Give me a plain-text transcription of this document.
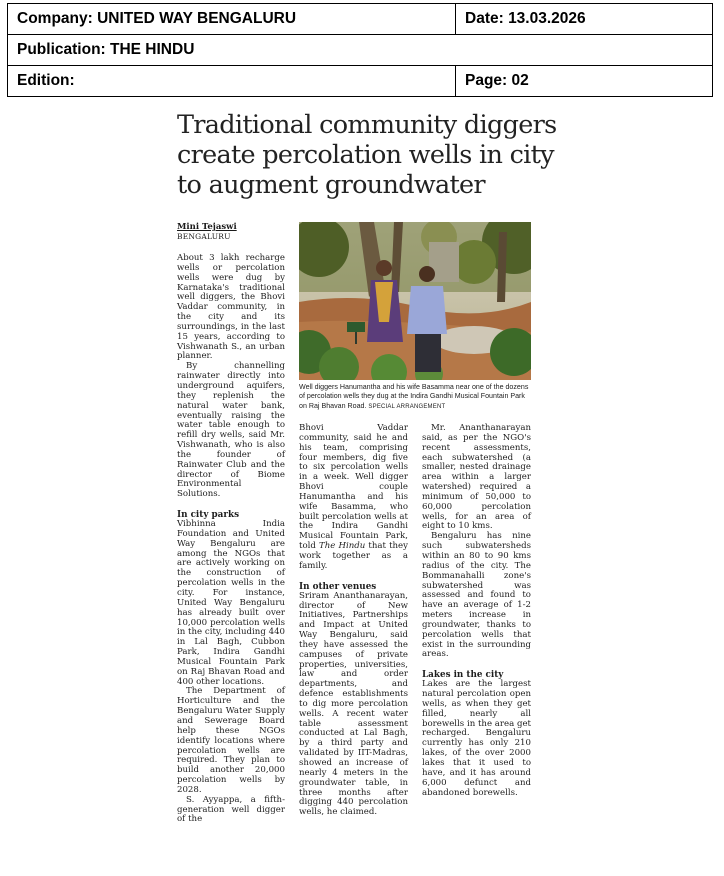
Company: UNITED WAY BENGALURU	Date: 13.03.2026
Publication: THE HINDU
Edition:	Page: 02
Traditional community diggers
create percolation wells in city
to augment groundwater
Mini Tejaswi
BENGALURU

About 3 lakh recharge wells or percolation wells were dug by Karnataka's traditional well diggers, the Bhovi Vaddar community, in the city and its surroundings, in the last 15 years, according to Vishwanath S., an urban planner.

By channelling rainwater directly into underground aquifers, they replenish the natural water bank, eventually raising the water table enough to refill dry wells, said Mr. Vishwanath, who is also the founder of Rainwater Club and the director of Biome Environmental Solutions.

In city parks

Vibhinna India Foundation and United Way Bengaluru are among the NGOs that are actively working on the construction of percolation wells in the city. For instance, United Way Bengaluru has already built over 10,000 percolation wells in the city, including 440 in Lal Bagh, Cubbon Park, Indira Gandhi Musical Fountain Park on Raj Bhavan Road and 400 other locations.

The Department of Horticulture and the Bengaluru Water Supply and Sewerage Board help these NGOs identify locations where percolation wells are required. They plan to build another 20,000 percolation wells by 2028.

S. Ayyappa, a fifth-generation well digger of the

Well diggers Hanumantha and his wife Basamma near one of the dozens of percolation wells they dug at the Indira Gandhi Musical Fountain Park on Raj Bhavan Road. SPECIAL ARRANGEMENT

Bhovi Vaddar community, said he and his team, comprising four members, dig five to six percolation wells in a week. Well digger Bhovi couple Hanumantha and his wife Basamma, who built percolation wells at the Indira Gandhi Musical Fountain Park, told The Hindu that they work together as a family.

In other venues

Sriram Ananthanarayan, director of New Initiatives, Partnerships and Impact at United Way Bengaluru, said they have assessed the campuses of private properties, universities, law and order departments, and defence establishments to dig more percolation wells. A recent water table assessment conducted at Lal Bagh, by a third party and validated by IIT-Madras, showed an increase of nearly 4 meters in the groundwater table, in three months after digging 440 percolation wells, he claimed.

Mr. Ananthanarayan said, as per the NGO's recent assessments, each subwatershed (a smaller, nested drainage area within a larger watershed) required a minimum of 50,000 to 60,000 percolation wells, for an area of eight to 10 kms.

Bengaluru has nine such subwatersheds within an 80 to 90 kms radius of the city. The Bommanahalli zone's subwatershed was assessed and found to have an average of 1-2 meters increase in groundwater, thanks to percolation wells that exist in the surrounding areas.

Lakes in the city

Lakes are the largest natural percolation open wells, as when they get filled, nearly all borewells in the area get recharged. Bengaluru currently has only 210 lakes, of the over 2000 lakes that it used to have, and it has around 6,000 defunct and abandoned borewells.
